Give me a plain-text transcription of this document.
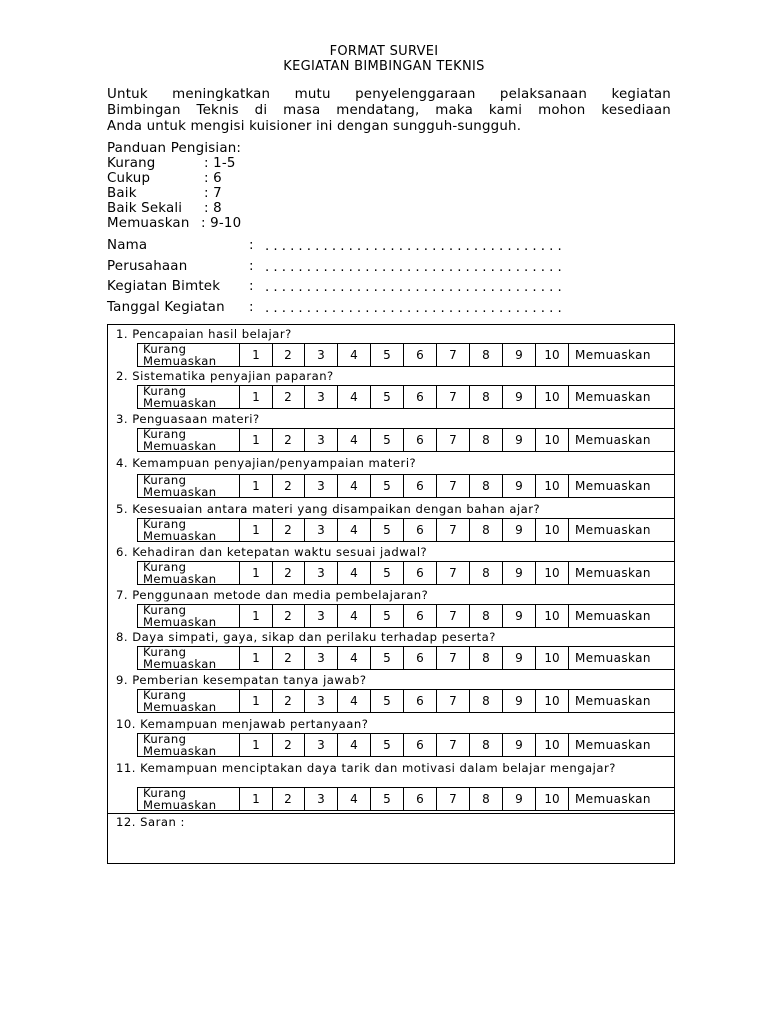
FORMAT SURVEI
KEGIATAN BIMBINGAN TEKNIS
Untuk meningkatkan mutu penyelenggaraan pelaksanaan kegiatan
Bimbingan Teknis di masa mendatang, maka kami mohon kesediaan
Anda untuk mengisi kuisioner ini dengan sungguh-sungguh.
Panduan Pengisian:
Kurang	: 1-5
Cukup	: 6
Baik	: 7
Baik Sekali : 8
Memuaskan : 9-10
Nama	: ....................................
Perusahaan	: ....................................
Kegiatan Bimtek : ....................................
Tanggal Kegiatan : ....................................
12. Saran :
1. Pencapaian hasil belajar?
Kurang
Memuaskan	1	2	3	4	5	6	7	8	9	10	Memuaskan
2. Sistematika penyajian paparan?
Kurang
Memuaskan	1	2	3	4	5	6	7	8	9	10	Memuaskan
3. Penguasaan materi?
Kurang
Memuaskan	1	2	3	4	5	6	7	8	9	10	Memuaskan
4. Kemampuan penyajian/penyampaian materi?
Kurang
Memuaskan	1	2	3	4	5	6	7	8	9	10	Memuaskan
5. Kesesuaian antara materi yang disampaikan dengan bahan ajar?
Kurang
Memuaskan	1	2	3	4	5	6	7	8	9	10	Memuaskan
6. Kehadiran dan ketepatan waktu sesuai jadwal?
Kurang
Memuaskan	1	2	3	4	5	6	7	8	9	10	Memuaskan
7. Penggunaan metode dan media pembelajaran?
Kurang
Memuaskan	1	2	3	4	5	6	7	8	9	10	Memuaskan
8. Daya simpati, gaya, sikap dan perilaku terhadap peserta?
Kurang
Memuaskan	1	2	3	4	5	6	7	8	9	10	Memuaskan
9. Pemberian kesempatan tanya jawab?
Kurang
Memuaskan	1	2	3	4	5	6	7	8	9	10	Memuaskan
10. Kemampuan menjawab pertanyaan?
Kurang
Memuaskan	1	2	3	4	5	6	7	8	9	10	Memuaskan
11. Kemampuan menciptakan daya tarik dan motivasi dalam belajar mengajar?
Kurang
Memuaskan	1	2	3	4	5	6	7	8	9	10	Memuaskan
